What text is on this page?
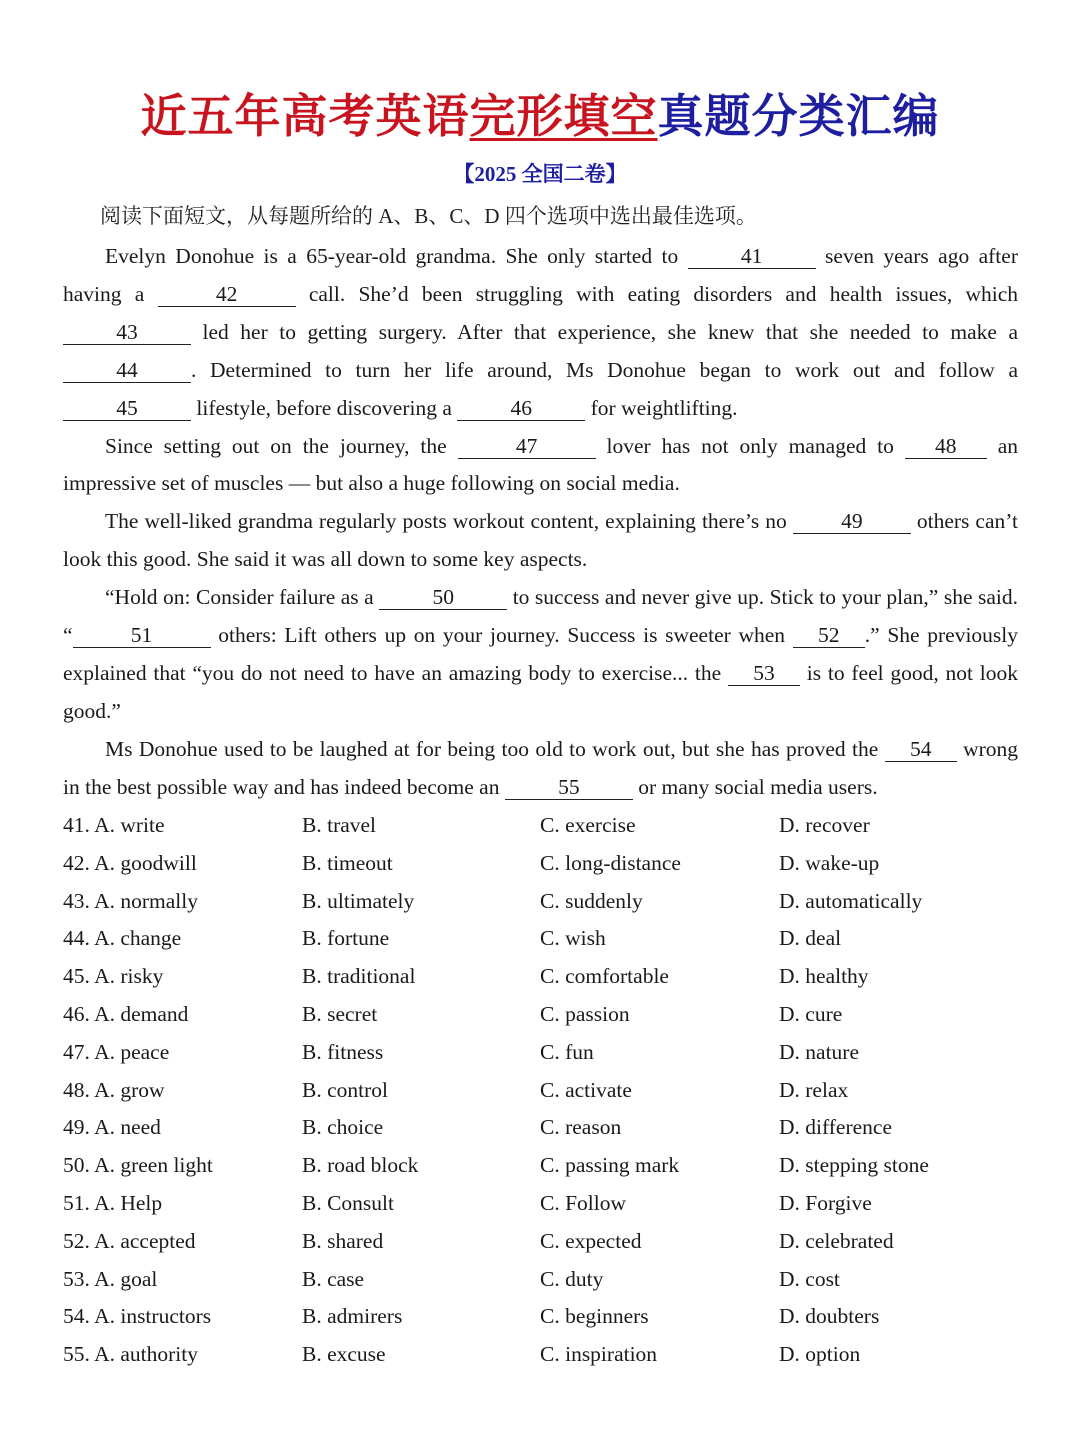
近五年高考英语完形填空真题分类汇编
【2025 全国二卷】
阅读下面短文，从每题所给的 A、B、C、D 四个选项中选出最佳选项。

Evelyn Donohue is a 65-year-old grandma. She only started to	41	seven years ago after having a	42	call. She’d been struggling with eating disorders and health issues, which 43	led her to getting surgery. After that experience, she knew that she needed to make a 44 . Determined to turn her life around, Ms Donohue began to work out and follow a 45	lifestyle, before discovering a	46	for weightlifting.

Since setting out on the journey, the	47	lover has not only managed to 48 an impressive set of muscles — but also a huge following on social media.

The well-liked grandma regularly posts workout content, explaining there’s no	49	others can’t look this good. She said it was all down to some key aspects.

“Hold on: Consider failure as a	50	to success and never give up. Stick to your plan,” she said. “	51	others: Lift others up on your journey. Success is sweeter when 52 .” She previously explained that “you do not need to have an amazing body to exercise... the 53 is to feel good, not look good.”

Ms Donohue used to be laughed at for being too old to work out, but she has proved the 54 wrong in the best possible way and has indeed become an	55	or many social media users.

41. A. write	B. travel	C. exercise	D. recover
42. A. goodwill	B. timeout	C. long-distance	D. wake-up
43. A. normally	B. ultimately	C. suddenly	D. automatically
44. A. change	B. fortune	C. wish	D. deal
45. A. risky	B. traditional	C. comfortable	D. healthy
46. A. demand	B. secret	C. passion	D. cure
47. A. peace	B. fitness	C. fun	D. nature
48. A. grow	B. control	C. activate	D. relax
49. A. need	B. choice	C. reason	D. difference
50. A. green light	B. road block	C. passing mark	D. stepping stone
51. A. Help	B. Consult	C. Follow	D. Forgive
52. A. accepted	B. shared	C. expected	D. celebrated
53. A. goal	B. case	C. duty	D. cost
54. A. instructors	B. admirers	C. beginners	D. doubters
55. A. authority	B. excuse	C. inspiration	D. option
